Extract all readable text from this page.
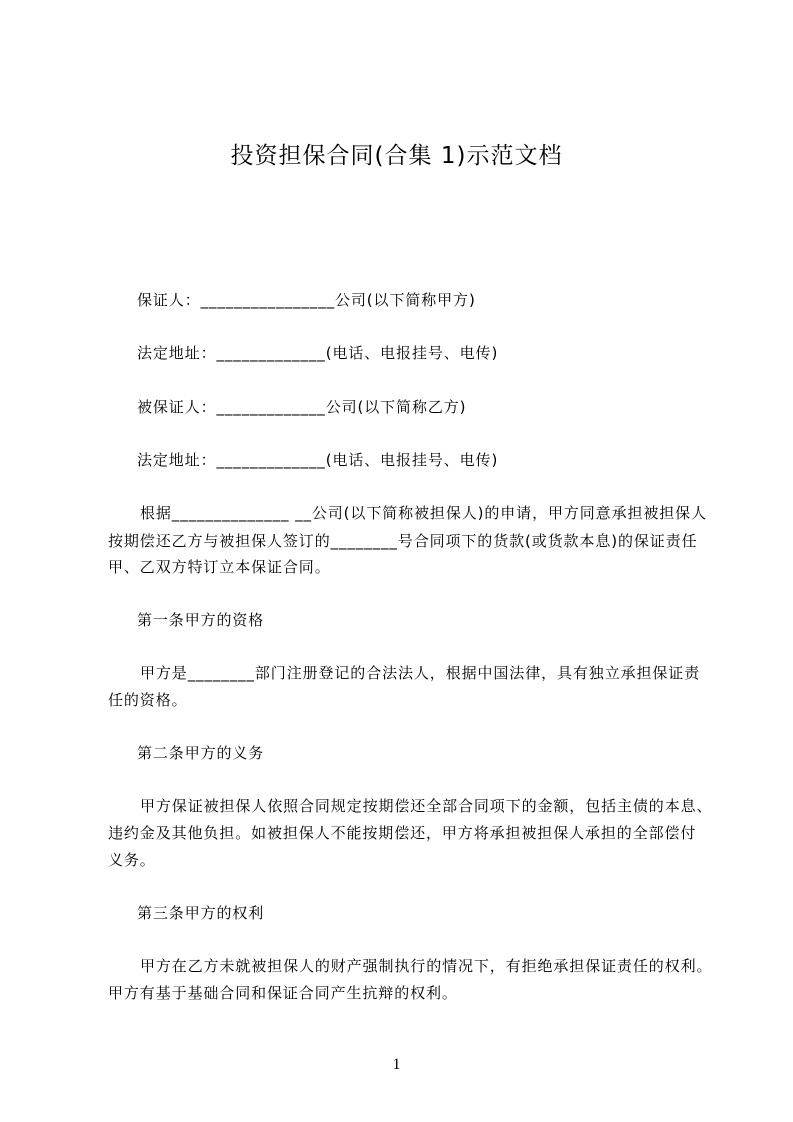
投资担保合同(合集 1)示范文档
保证人：________________公司(以下简称甲方)
法定地址：_____________(电话、电报挂号、电传)
被保证人：_____________公司(以下简称乙方)
法定地址：_____________(电话、电报挂号、电传)
根据______________ __公司(以下简称被担保人)的申请，甲方同意承担被担保人
按期偿还乙方与被担保人签订的________号合同项下的货款(或货款本息)的保证责任
甲、乙双方特订立本保证合同。
第一条甲方的资格
甲方是________部门注册登记的合法法人，根据中国法律，具有独立承担保证责
任的资格。
第二条甲方的义务
甲方保证被担保人依照合同规定按期偿还全部合同项下的金额，包括主债的本息、
违约金及其他负担。如被担保人不能按期偿还，甲方将承担被担保人承担的全部偿付
义务。
第三条甲方的权利
甲方在乙方未就被担保人的财产强制执行的情况下，有拒绝承担保证责任的权利。
甲方有基于基础合同和保证合同产生抗辩的权利。
1
